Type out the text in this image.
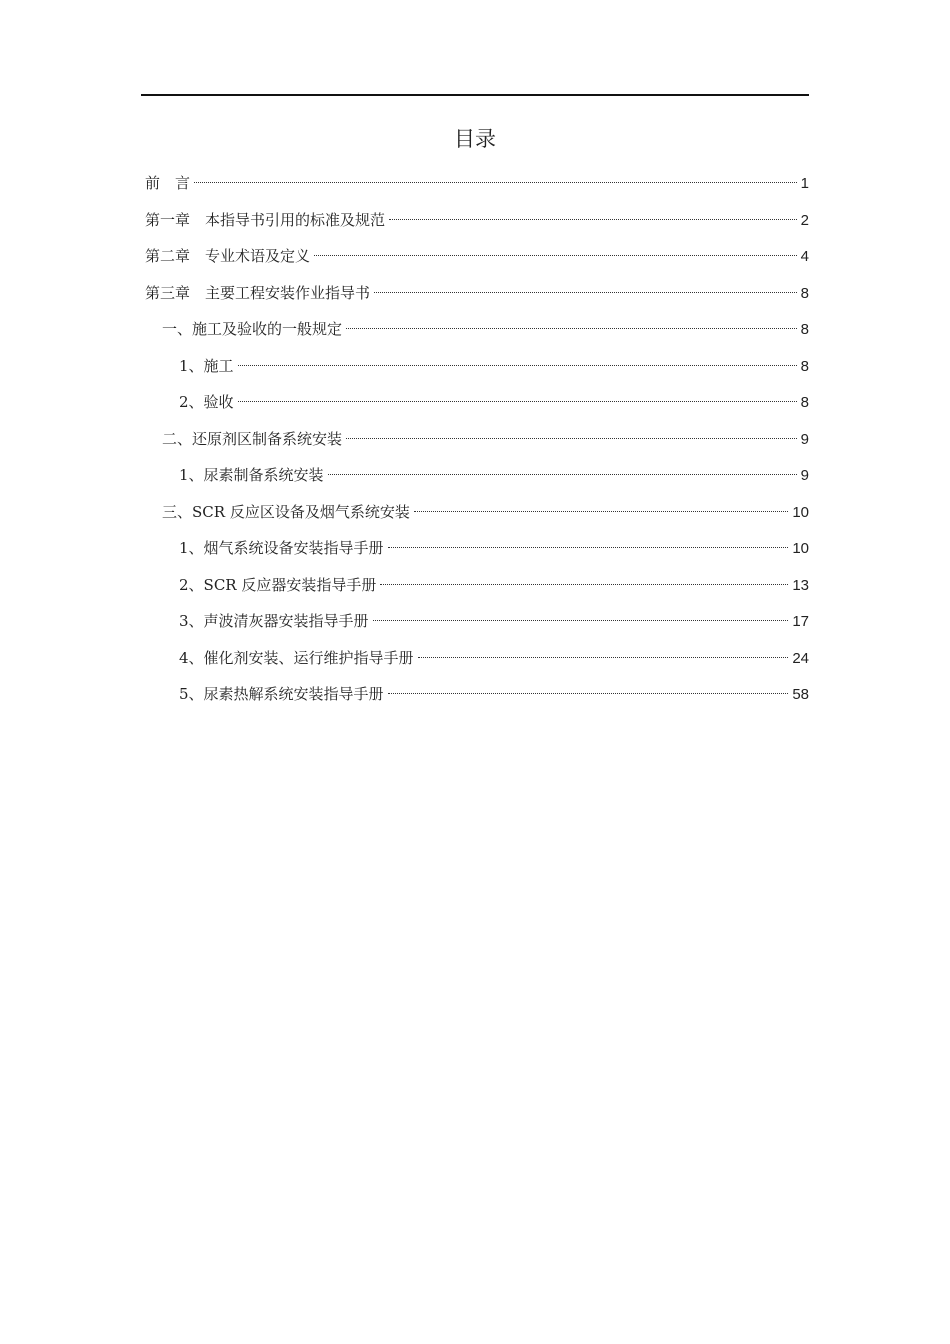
目录
前　言	1
第一章　本指导书引用的标准及规范	2
第二章　专业术语及定义	4
第三章　主要工程安装作业指导书	8
一、施工及验收的一般规定	8
1、施工	8
2、验收	8
二、还原剂区制备系统安装	9
1、尿素制备系统安装	9
三、SCR 反应区设备及烟气系统安装	10
1、烟气系统设备安装指导手册	10
2、SCR 反应器安装指导手册	13
3、声波清灰器安装指导手册	17
4、催化剂安装、运行维护指导手册	24
5、尿素热解系统安装指导手册	58
